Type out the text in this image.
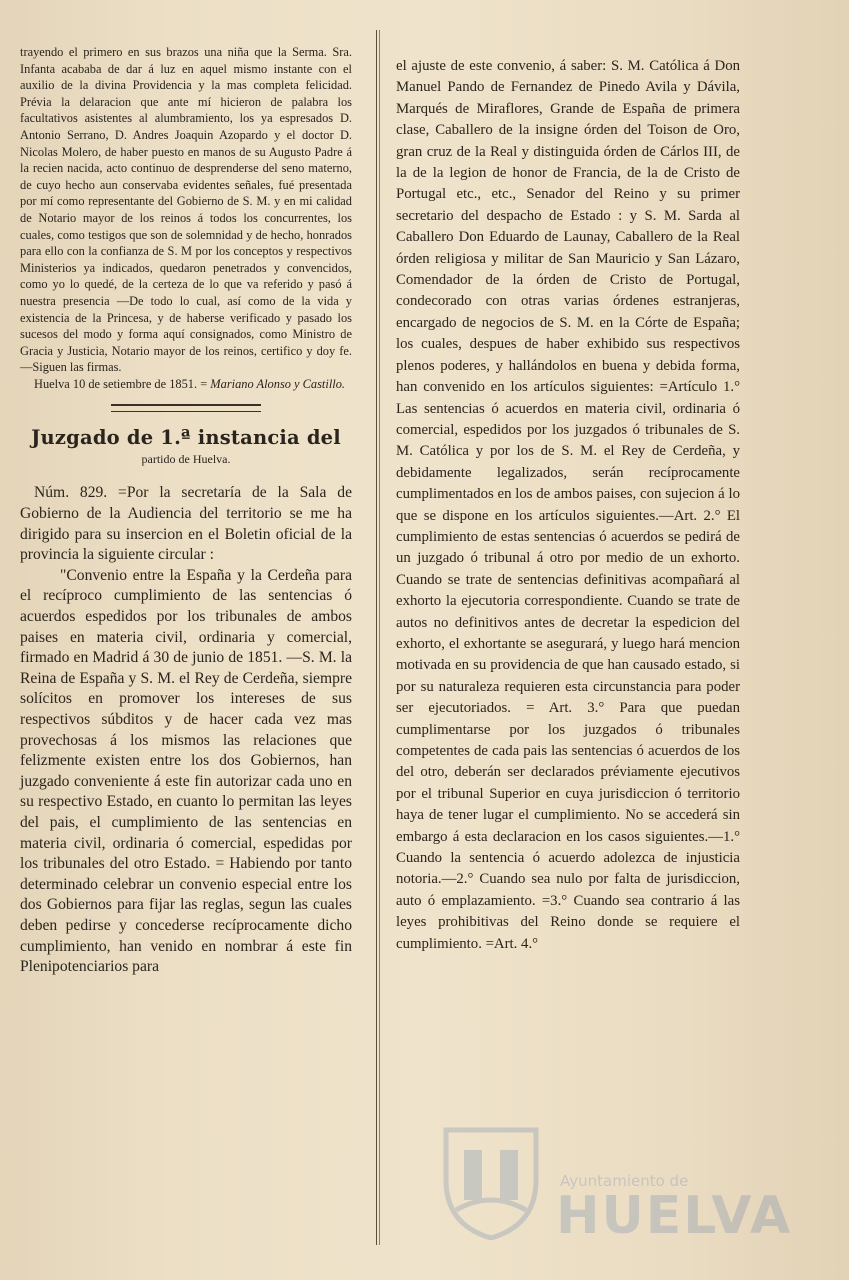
trayendo el primero en sus brazos una niña que la Serma. Sra. Infanta acababa de dar á luz en aquel mismo instante con el auxilio de la divina Providencia y la mas completa felicidad. Prévia la delaracion que ante mí hicieron de palabra los facultativos asistentes al alumbramiento, los ya espresados D. Antonio Serrano, D. Andres Joaquin Azopardo y el doctor D. Nicolas Molero, de haber puesto en manos de su Augusto Padre á la recien nacida, acto continuo de desprenderse del seno materno, de cuyo hecho aun conservaba evidentes señales, fué presentada por mí como representante del Gobierno de S. M. y en mi calidad de Notario mayor de los reinos á todos los concurrentes, los cuales, como testigos que son de solemnidad y de hecho, honrados para ello con la confianza de S. M por los conceptos y respectivos Ministerios ya indicados, quedaron penetrados y convencidos, como yo lo quedé, de la certeza de lo que va referido y pasó á nuestra presencia —De todo lo cual, así como de la vida y existencia de la Princesa, y de haberse verificado y pasado los sucesos del modo y forma aquí consignados, como Ministro de Gracia y Justicia, Notario mayor de los reinos, certifico y doy fe. —Siguen las firmas.

Huelva 10 de setiembre de 1851. = Mariano Alonso y Castillo.

Juzgado de 1.ª instancia del
partido de Huelva.

Núm. 829. =Por la secretaría de la Sala de Gobierno de la Audiencia del territorio se me ha dirigido para su insercion en el Boletin oficial de la provincia la siguiente circular :

"Convenio entre la España y la Cerdeña para el recíproco cumplimiento de las sentencias ó acuerdos espedidos por los tribunales de ambos paises en materia civil, ordinaria y comercial, firmado en Madrid á 30 de junio de 1851. —S. M. la Reina de España y S. M. el Rey de Cerdeña, siempre solícitos en promover los intereses de sus respectivos súbditos y de hacer cada vez mas provechosas á los mismos las relaciones que felizmente existen entre los dos Gobiernos, han juzgado conveniente á este fin autorizar cada uno en su respectivo Estado, en cuanto lo permitan las leyes del pais, el cumplimiento de las sentencias en materia civil, ordinaria ó comercial, espedidas por los tribunales del otro Estado. = Habiendo por tanto determinado celebrar un convenio especial entre los dos Gobiernos para fijar las reglas, segun las cuales deben pedirse y concederse recíprocamente dicho cumplimiento, han venido en nombrar á este fin Plenipotenciarios para

el ajuste de este convenio, á saber: S. M. Católica á Don Manuel Pando de Fernandez de Pinedo Avila y Dávila, Marqués de Miraflores, Grande de España de primera clase, Caballero de la insigne órden del Toison de Oro, gran cruz de la Real y distinguida órden de Cárlos III, de la de la legion de honor de Francia, de la de Cristo de Portugal etc., etc., Senador del Reino y su primer secretario del despacho de Estado : y S. M. Sarda al Caballero Don Eduardo de Launay, Caballero de la Real órden religiosa y militar de San Mauricio y San Lázaro, Comendador de la órden de Cristo de Portugal, condecorado con otras varias órdenes estranjeras, encargado de negocios de S. M. en la Córte de España; los cuales, despues de haber exhibido sus respectivos plenos poderes, y hallándolos en buena y debida forma, han convenido en los artículos siguientes: =Artículo 1.° Las sentencias ó acuerdos en materia civil, ordinaria ó comercial, espedidos por los juzgados ó tribunales de S. M. Católica y por los de S. M. el Rey de Cerdeña, y debidamente legalizados, serán recíprocamente cumplimentados en los de ambos paises, con sujecion á lo que se dispone en los artículos siguientes.—Art. 2.° El cumplimiento de estas sentencias ó acuerdos se pedirá de un juzgado ó tribunal á otro por medio de un exhorto. Cuando se trate de sentencias definitivas acompañará al exhorto la ejecutoria correspondiente. Cuando se trate de autos no definitivos antes de decretar la espedicion del exhorto, el exhortante se asegurará, y luego hará mencion motivada en su providencia de que han causado estado, si por su naturaleza requieren esta circunstancia para poder ser ejecutoriados. = Art. 3.° Para que puedan cumplimentarse por los juzgados ó tribunales competentes de cada pais las sentencias ó acuerdos de los del otro, deberán ser declarados préviamente ejecutivos por el tribunal Superior en cuya jurisdiccion ó territorio haya de tener lugar el cumplimiento. No se accederá sin embargo á esta declaracion en los casos siguientes.—1.° Cuando la sentencia ó acuerdo adolezca de injusticia notoria.—2.° Cuando sea nulo por falta de jurisdiccion, auto ó emplazamiento. =3.° Cuando sea contrario á las leyes prohibitivas del Reino donde se requiere el cumplimiento. =Art. 4.°

Ayuntamiento de
HUELVA
